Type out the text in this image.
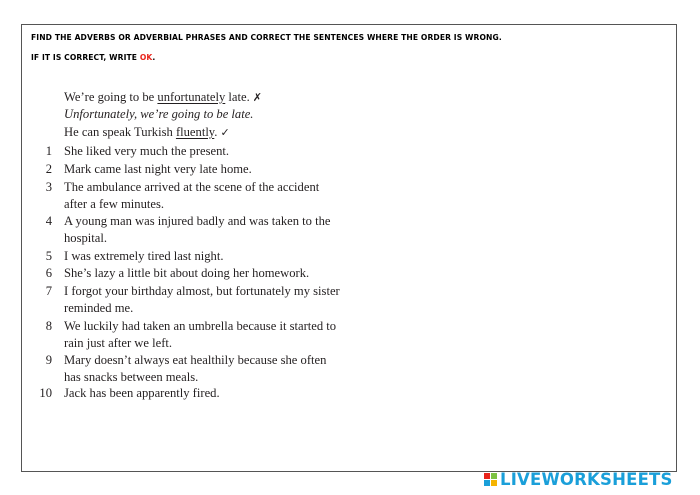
FIND THE ADVERBS OR ADVERBIAL PHRASES AND CORRECT THE SENTENCES WHERE THE ORDER IS WRONG.
IF IT IS CORRECT, WRITE OK.
We’re going to be unfortunately late. ✗
Unfortunately, we’re going to be late.
He can speak Turkish fluently. ✓
1 She liked very much the present.
2 Mark came last night very late home.
3 The ambulance arrived at the scene of the accident
after a few minutes.
4 A young man was injured badly and was taken to the
hospital.
5 I was extremely tired last night.
6 She’s lazy a little bit about doing her homework.
7 I forgot your birthday almost, but fortunately my sister
reminded me.
8 We luckily had taken an umbrella because it started to
rain just after we left.
9 Mary doesn’t always eat healthily because she often
has snacks between meals.
10 Jack has been apparently fired.
LIVEWORKSHEETS
